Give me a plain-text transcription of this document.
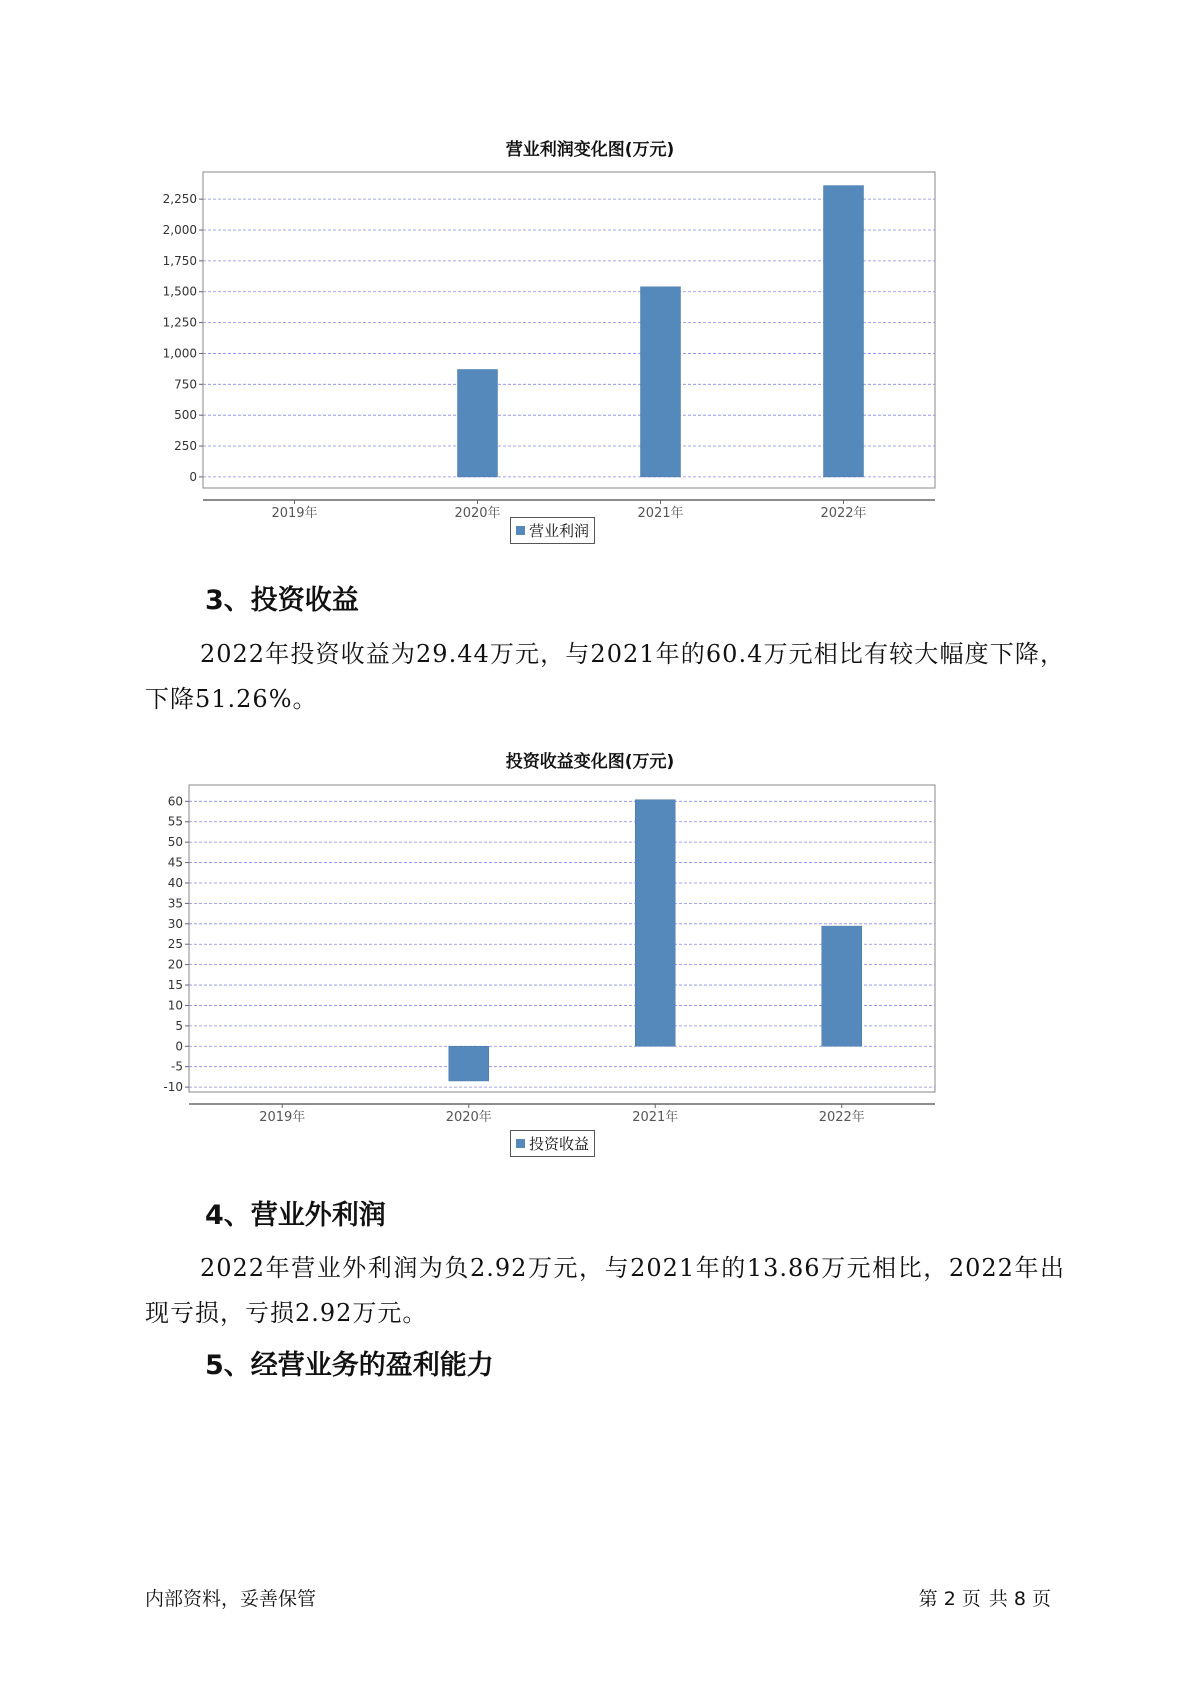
营业利润变化图(万元)
0
250
500
750
1,000
1,250
1,500
1,750
2,000
2,250
2019年	2020年	2021年	2022年
营业利润
3、投资收益
2022年投资收益为29.44万元，与2021年的60.4万元相比有较大幅度下降，下降51.26%。
投资收益变化图(万元)
-10
-5
0
5
10
15
20
25
30
35
40
45
50
55
60
2019年	2020年	2021年	2022年
投资收益
4、营业外利润
2022年营业外利润为负2.92万元，与2021年的13.86万元相比，2022年出现亏损，亏损2.92万元。
5、经营业务的盈利能力
内部资料，妥善保管	第 2 页 共 8 页
